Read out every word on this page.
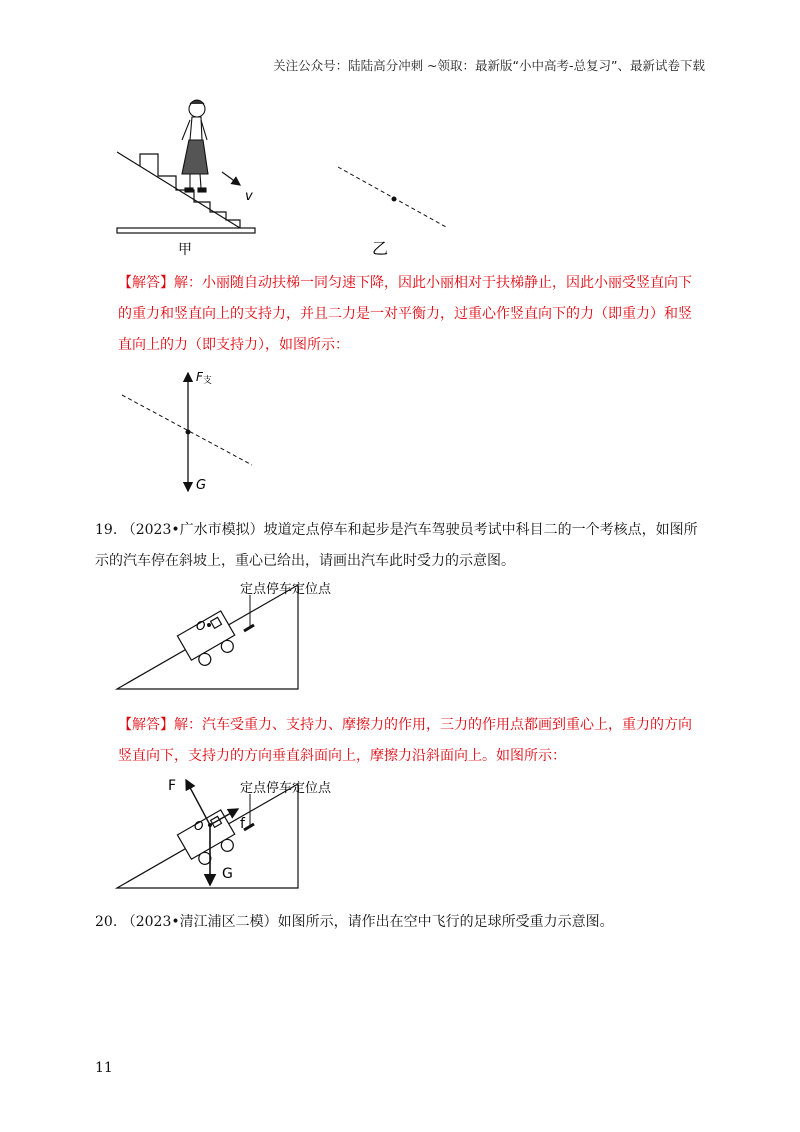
关注公众号：陆陆高分冲刺 ~领取：最新版“小中高考-总复习”、最新试卷下载
v
甲	乙
【解答】解：小丽随自动扶梯一同匀速下降，因此小丽相对于扶梯静止，因此小丽受竖直向下
的重力和竖直向上的支持力，并且二力是一对平衡力，过重心作竖直向下的力（即重力）和竖
直向上的力（即支持力），如图所示：
F支
G
19. （2023•广水市模拟）坡道定点停车和起步是汽车驾驶员考试中科目二的一个考核点，如图所
示的汽车停在斜坡上，重心已给出，请画出汽车此时受力的示意图。
O
定点停车定位点
【解答】解：汽车受重力、支持力、摩擦力的作用，三力的作用点都画到重心上，重力的方向
竖直向下，支持力的方向垂直斜面向上，摩擦力沿斜面向上。如图所示：
O
定点停车定位点
F
f
G
20. （2023•清江浦区二模）如图所示，请作出在空中飞行的足球所受重力示意图。
11
